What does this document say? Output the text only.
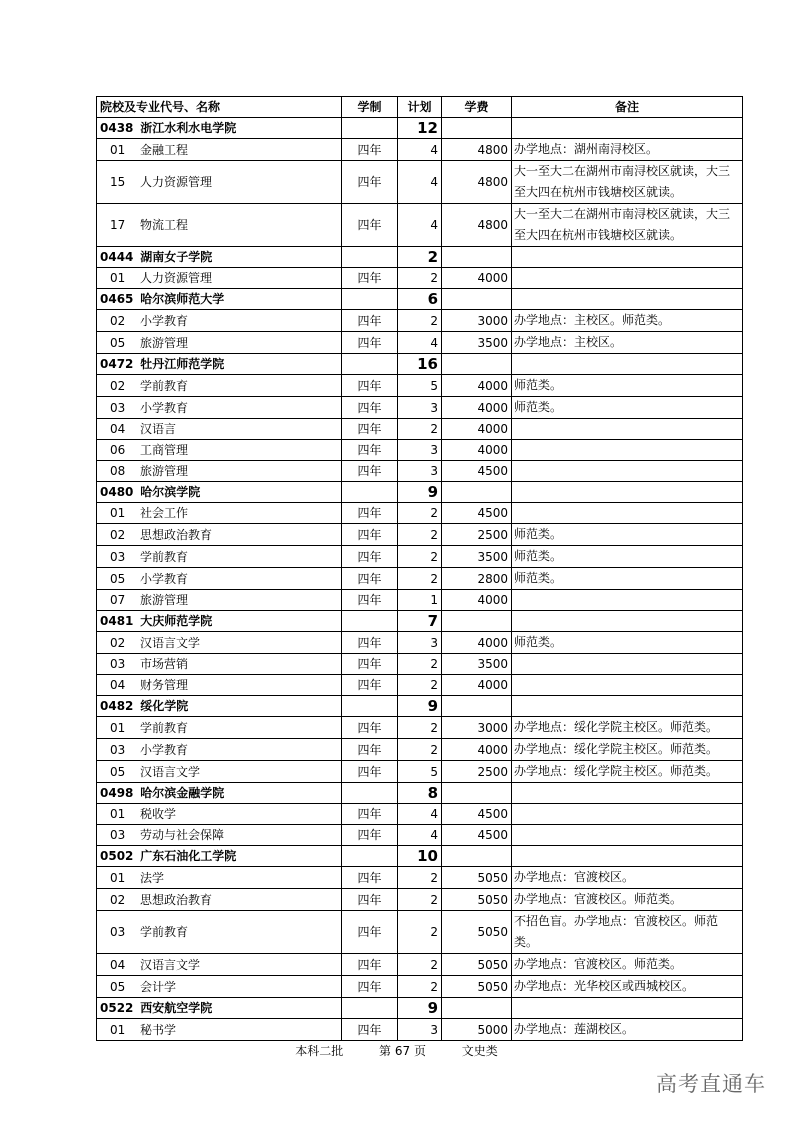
院校及专业代号、名称	学制	计划	学费	备注
0438 浙江水利水电学院		12		
01 金融工程	四年	4	4800	办学地点：湖州南浔校区。
15 人力资源管理	四年	4	4800	大一至大二在湖州市南浔校区就读，大三至大四在杭州市钱塘校区就读。
17 物流工程	四年	4	4800	大一至大二在湖州市南浔校区就读，大三至大四在杭州市钱塘校区就读。
0444 湖南女子学院		2		
01 人力资源管理	四年	2	4000	
0465 哈尔滨师范大学		6		
02 小学教育	四年	2	3000	办学地点：主校区。师范类。
05 旅游管理	四年	4	3500	办学地点：主校区。
0472 牡丹江师范学院		16		
02 学前教育	四年	5	4000	师范类。
03 小学教育	四年	3	4000	师范类。
04 汉语言	四年	2	4000	
06 工商管理	四年	3	4000	
08 旅游管理	四年	3	4500	
0480 哈尔滨学院		9		
01 社会工作	四年	2	4500	
02 思想政治教育	四年	2	2500	师范类。
03 学前教育	四年	2	3500	师范类。
05 小学教育	四年	2	2800	师范类。
07 旅游管理	四年	1	4000	
0481 大庆师范学院		7		
02 汉语言文学	四年	3	4000	师范类。
03 市场营销	四年	2	3500	
04 财务管理	四年	2	4000	
0482 绥化学院		9		
01 学前教育	四年	2	3000	办学地点：绥化学院主校区。师范类。
03 小学教育	四年	2	4000	办学地点：绥化学院主校区。师范类。
05 汉语言文学	四年	5	2500	办学地点：绥化学院主校区。师范类。
0498 哈尔滨金融学院		8		
01 税收学	四年	4	4500	
03 劳动与社会保障	四年	4	4500	
0502 广东石油化工学院		10		
01 法学	四年	2	5050	办学地点：官渡校区。
02 思想政治教育	四年	2	5050	办学地点：官渡校区。师范类。
03 学前教育	四年	2	5050	不招色盲。办学地点：官渡校区。师范类。
04 汉语言文学	四年	2	5050	办学地点：官渡校区。师范类。
05 会计学	四年	2	5050	办学地点：光华校区或西城校区。
0522 西安航空学院		9		
01 秘书学	四年	3	5000	办学地点：莲湖校区。
本科二批	第 67 页	文史类
高考直通车
